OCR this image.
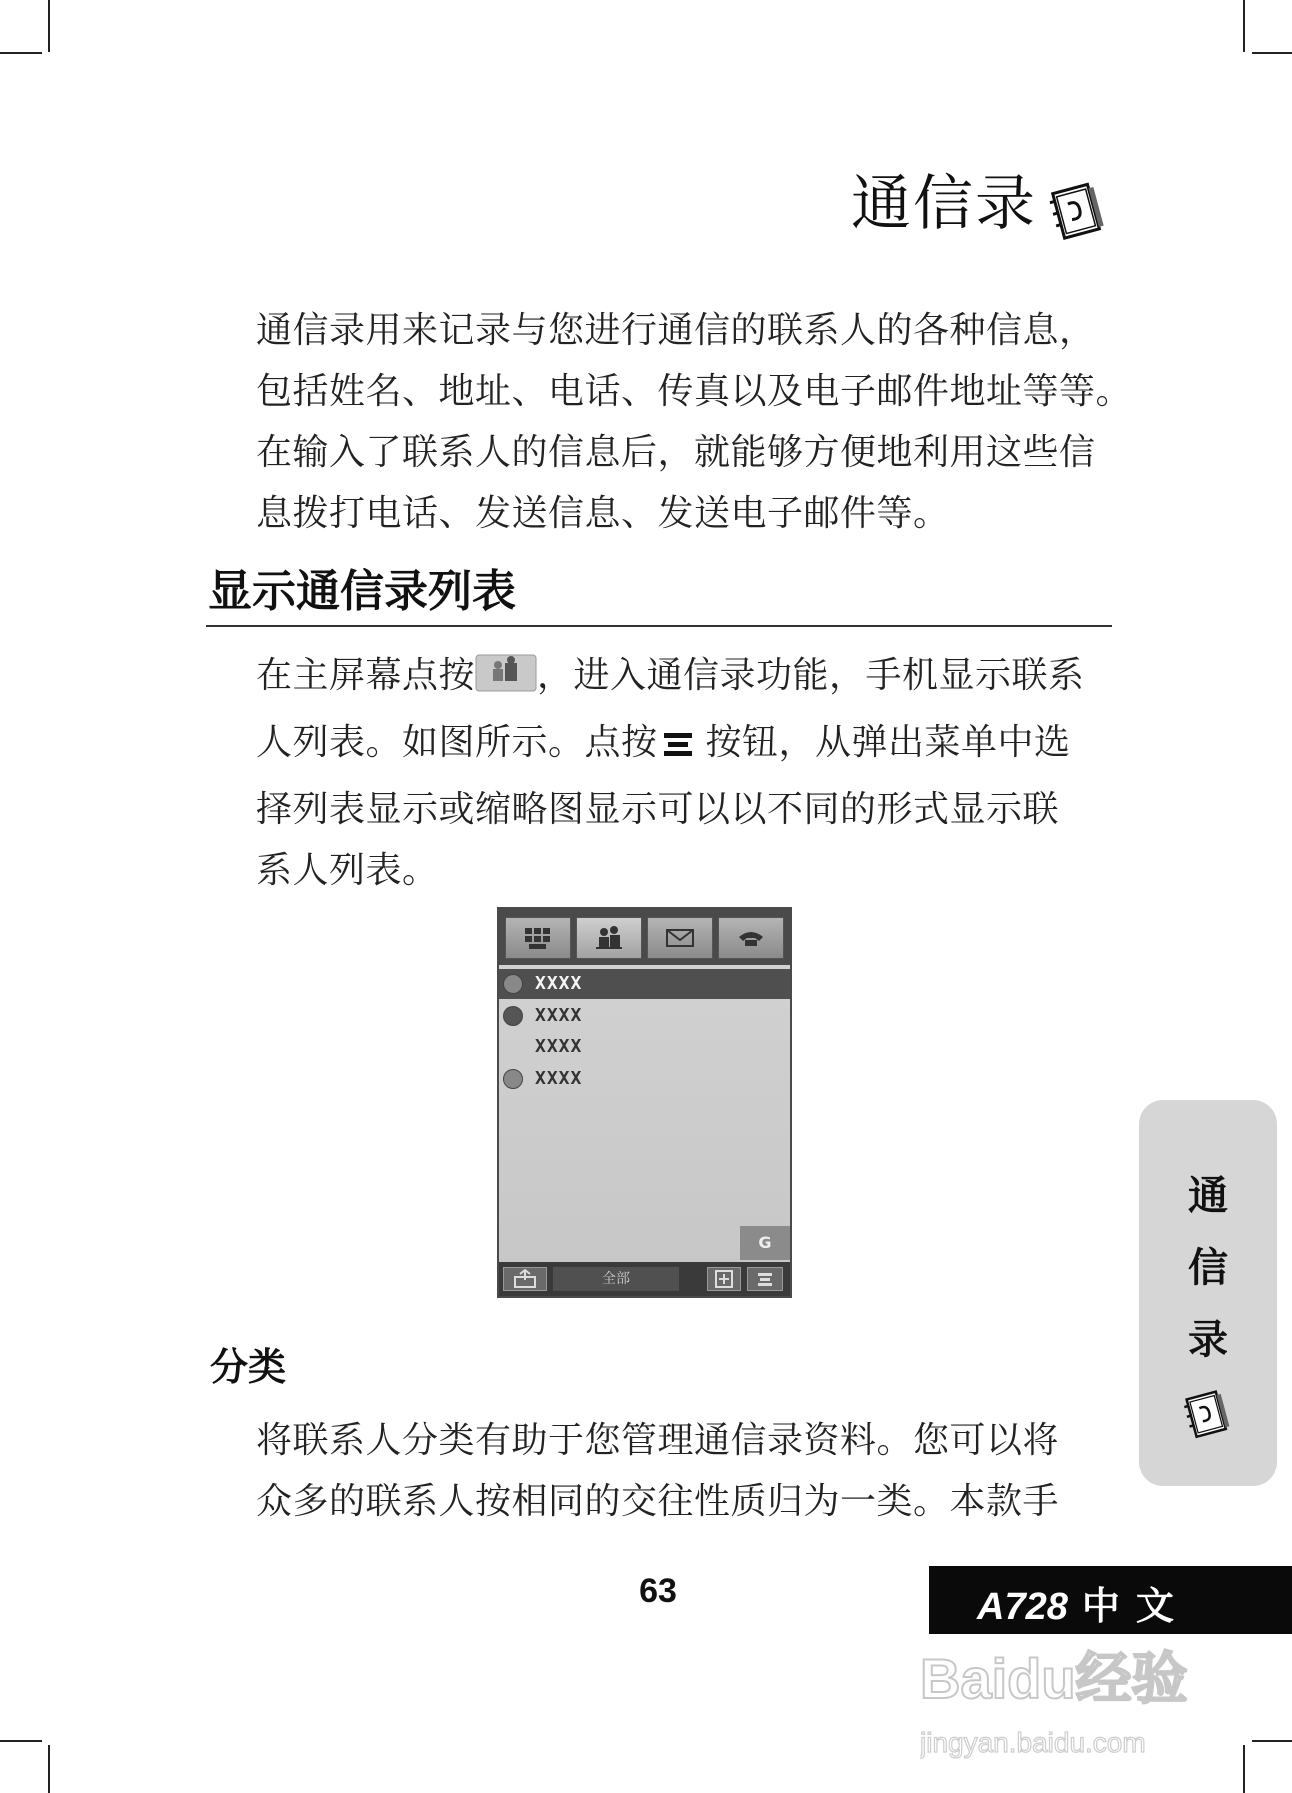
通信录

通信录用来记录与您进行通信的联系人的各种信息，

包括姓名、地址、电话、传真以及电子邮件地址等等。

在输入了联系人的信息后，就能够方便地利用这些信

息拨打电话、发送信息、发送电子邮件等。

显示通信录列表

在主屏幕点按 ，进入通信录功能，手机显示联系

人列表。如图所示。点按 按钮，从弹出菜单中选

择列表显示或缩略图显示可以以不同的形式显示联

系人列表。

XXXX
XXXX
XXXX
XXXX
G
全部
分类

将联系人分类有助于您管理通信录资料。您可以将

众多的联系人按相同的交往性质归为一类。本款手

通
信
录
63	A728 中文
Baidu经验
jingyan.baidu.com
